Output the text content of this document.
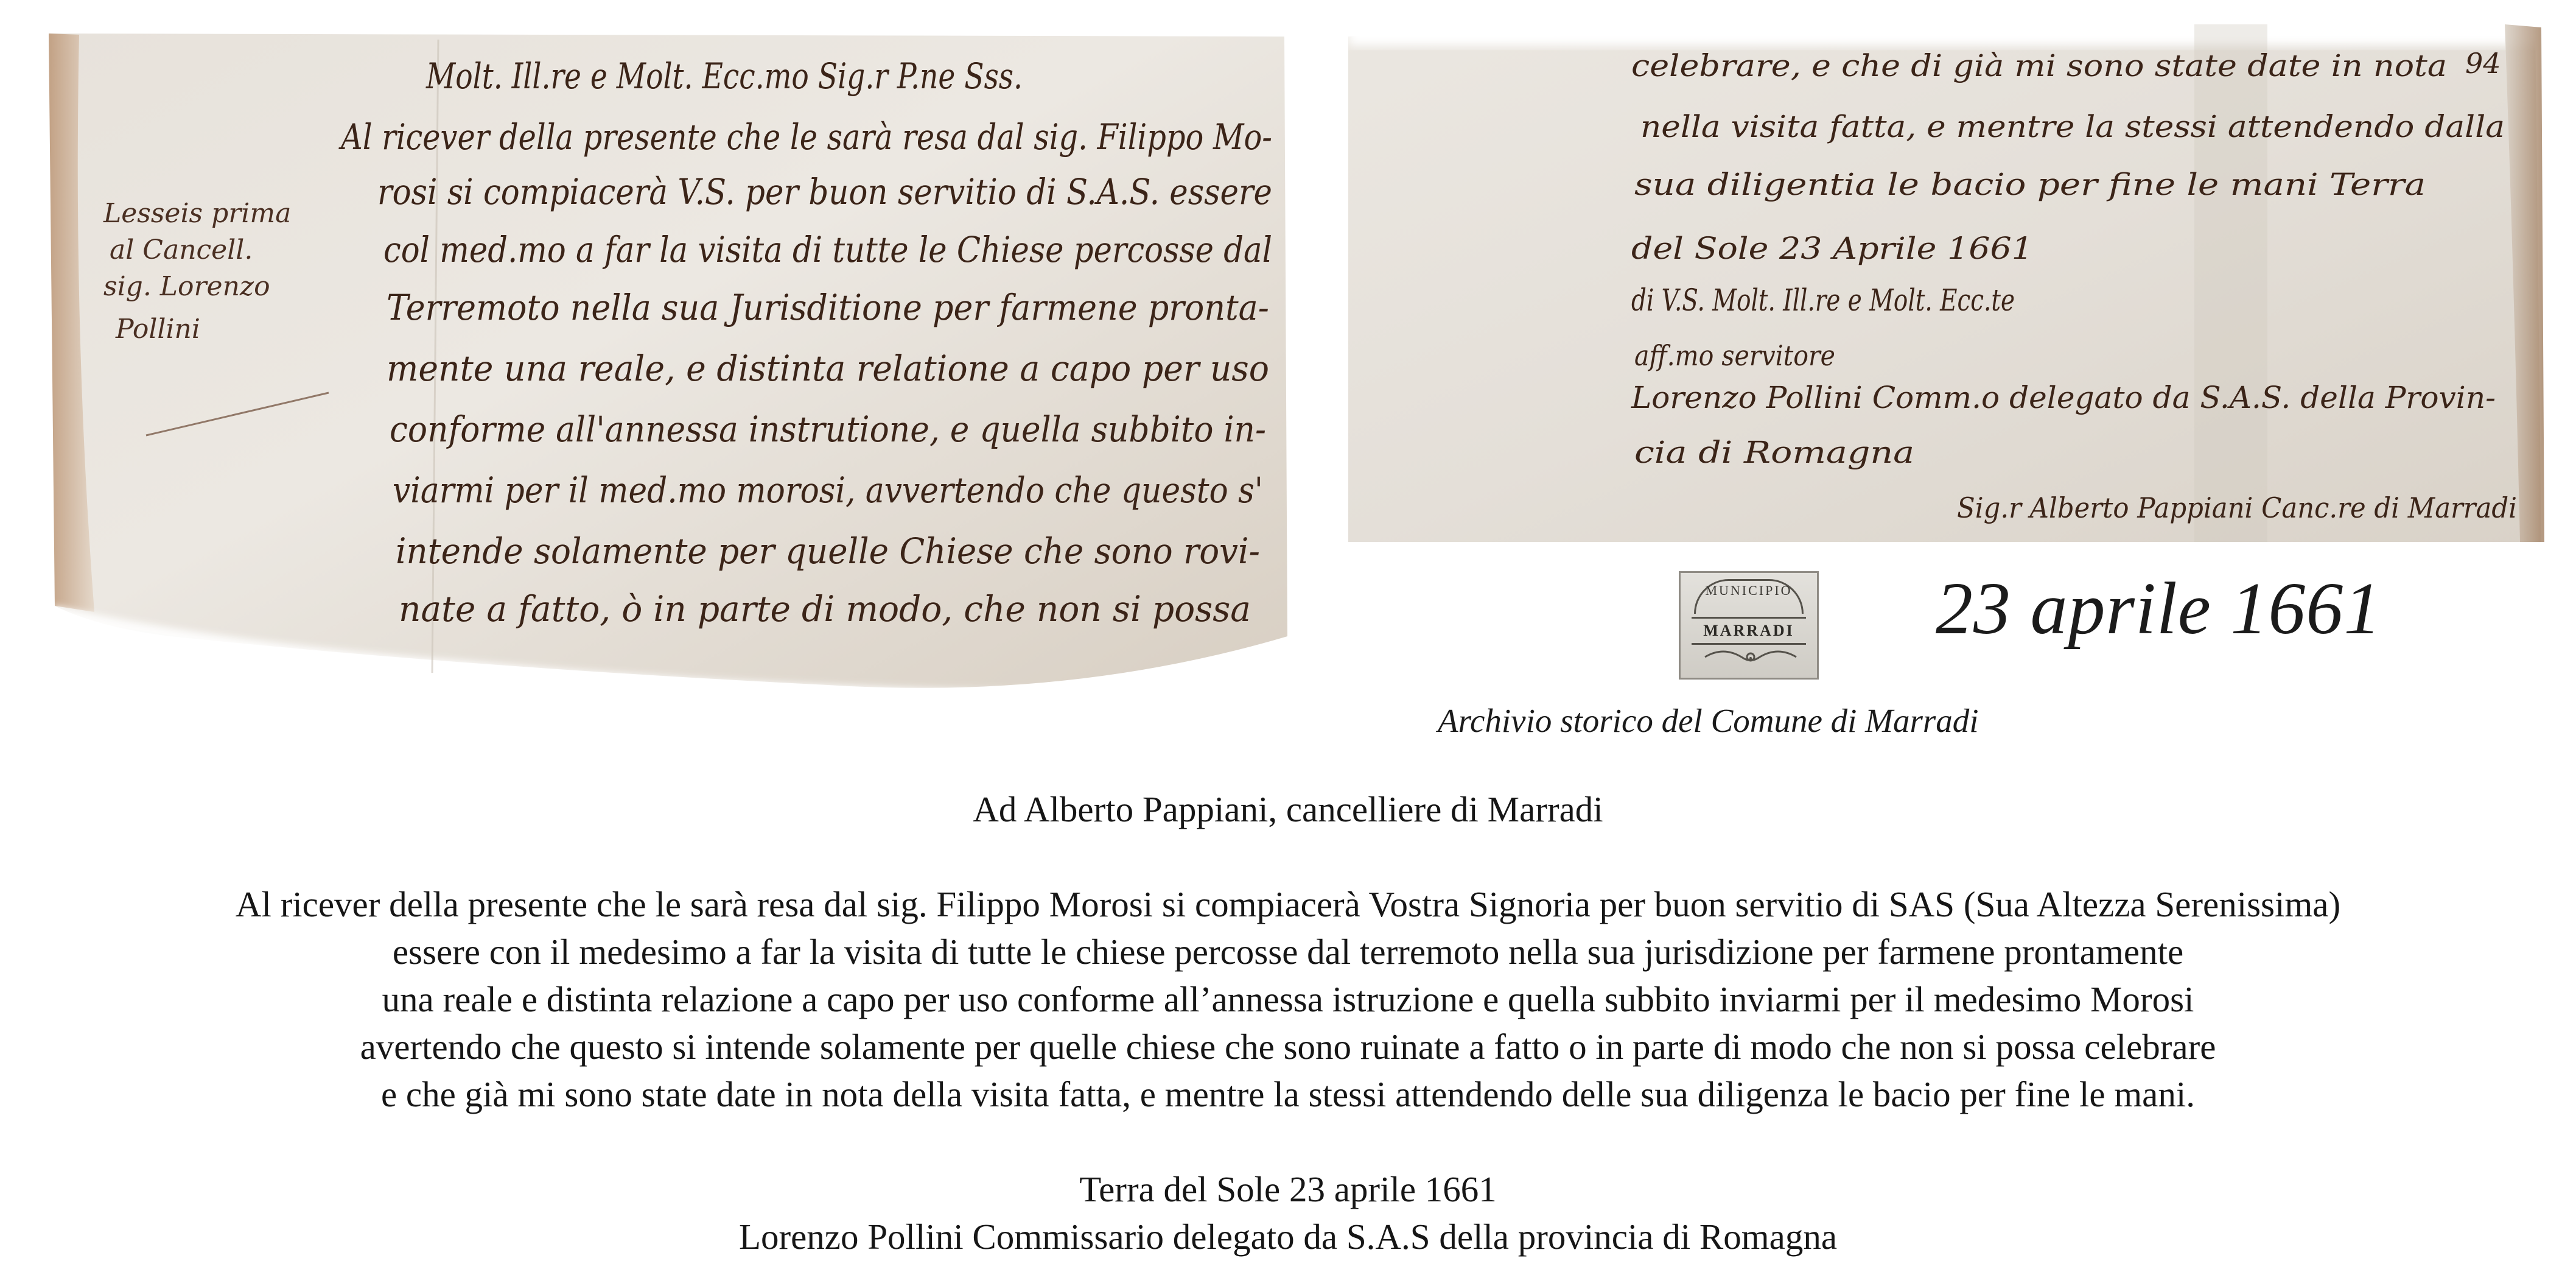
Lesseis prima
al Cancell.
sig. Lorenzo
Pollini
Molt. Ill.re e Molt. Ecc.mo Sig.r P.ne Sss.
Al ricever della presente che le sarà resa dal sig. Filippo Mo-
rosi si compiacerà V.S. per buon servitio di S.A.S. essere
col med.mo a far la visita di tutte le Chiese percosse dal
Terremoto nella sua Jurisditione per farmene pronta-
mente una reale, e distinta relatione a capo per uso
conforme all'annessa instrutione, e quella subbito in-
viarmi per il med.mo morosi, avvertendo che questo s'
intende solamente per quelle Chiese che sono rovi-
nate a fatto, ò in parte di modo, che non si possa
94
celebrare, e che di già mi sono state date in nota
nella visita fatta, e mentre la stessi attendendo dalla
sua diligentia le bacio per fine le mani Terra
del Sole 23 Aprile 1661
di V.S. Molt. Ill.re e Molt. Ecc.te
aff.mo servitore
Lorenzo Pollini Comm.o delegato da S.A.S. della Provin-
cia di Romagna
Sig.r Alberto Pappiani Canc.re di Marradi
MUNICIPIO
MARRADI 23 aprile 1661
Archivio storico del Comune di Marradi

Ad Alberto Pappiani, cancelliere di Marradi

Al ricever della presente che le sarà resa dal sig. Filippo Morosi si compiacerà Vostra Signoria per buon servitio di SAS (Sua Altezza Serenissima)

essere con il medesimo a far la visita di tutte le chiese percosse dal terremoto nella sua jurisdizione per farmene prontamente

una reale e distinta relazione a capo per uso conforme all’annessa istruzione e quella subbito inviarmi per il medesimo Morosi

avertendo che questo si intende solamente per quelle chiese che sono ruinate a fatto o in parte di modo che non si possa celebrare

e che già mi sono state date in nota della visita fatta, e mentre la stessi attendendo delle sua diligenza le bacio per fine le mani.

Terra del Sole 23 aprile 1661

Lorenzo Pollini Commissario delegato da S.A.S della provincia di Romagna
